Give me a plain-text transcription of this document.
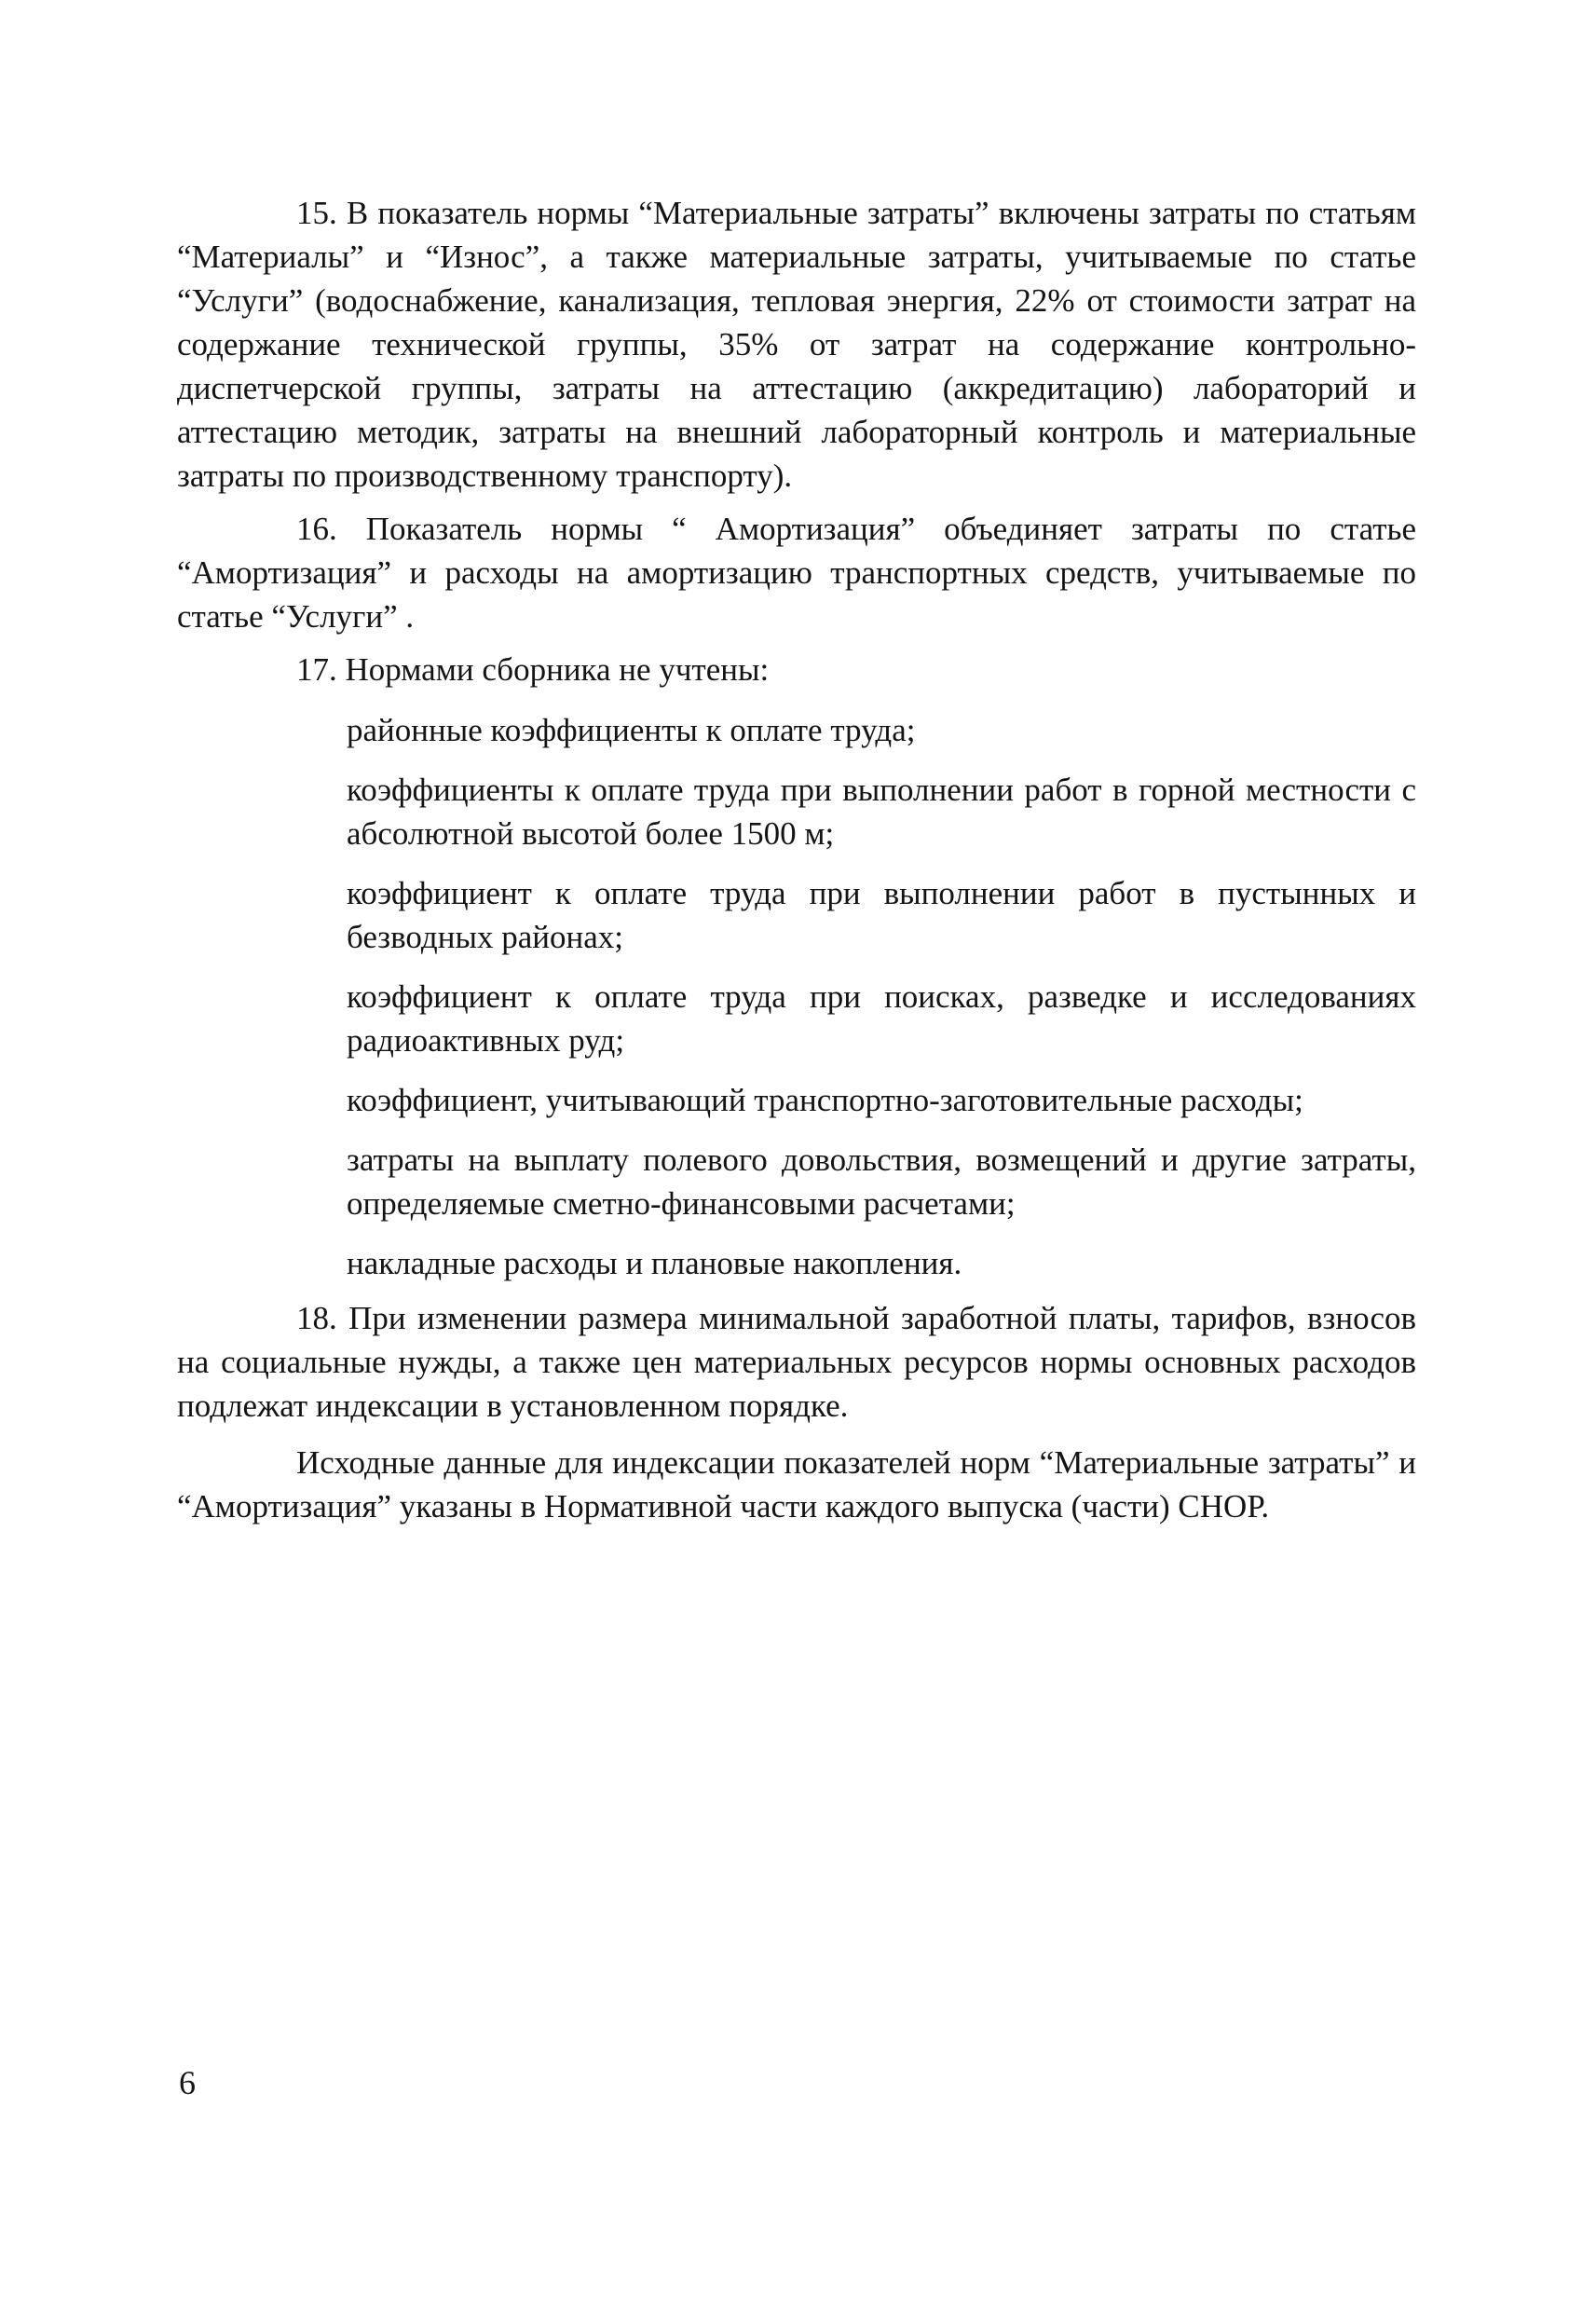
15. В показатель нормы “Материальные затраты” включены затраты по статьям “Материалы” и “Износ”, а также материальные затраты, учитываемые по статье “Услуги” (водоснабжение, канализация, тепловая энергия, 22% от стоимости затрат на содержание технической группы, 35% от затрат на содержание контрольно-диспетчерской группы, затраты на аттестацию (аккредитацию) лабораторий и аттестацию методик, затраты на внешний лабораторный контроль и материальные затраты по производственному транспорту).

16. Показатель нормы “ Амортизация” объединяет затраты по статье “Амортизация” и расходы на амортизацию транспортных средств, учитываемые по статье “Услуги” .

17. Нормами сборника не учтены:

районные коэффициенты к оплате труда;
коэффициенты к оплате труда при выполнении работ в горной местности с абсолютной высотой более 1500 м;
коэффициент к оплате труда при выполнении работ в пустынных и безводных районах;
коэффициент к оплате труда при поисках, разведке и исследованиях радиоактивных руд;
коэффициент, учитывающий транспортно-заготовительные расходы;
затраты на выплату полевого довольствия, возмещений и другие затраты, определяемые сметно-финансовыми расчетами;
накладные расходы и плановые накопления.

18. При изменении размера минимальной заработной платы, тарифов, взносов на социальные нужды, а также цен материальных ресурсов нормы основных расходов подлежат индексации в установленном порядке.

Исходные данные для индексации показателей норм “Материальные затраты” и “Амортизация” указаны в Нормативной части каждого выпуска (части) СНОР.

6
